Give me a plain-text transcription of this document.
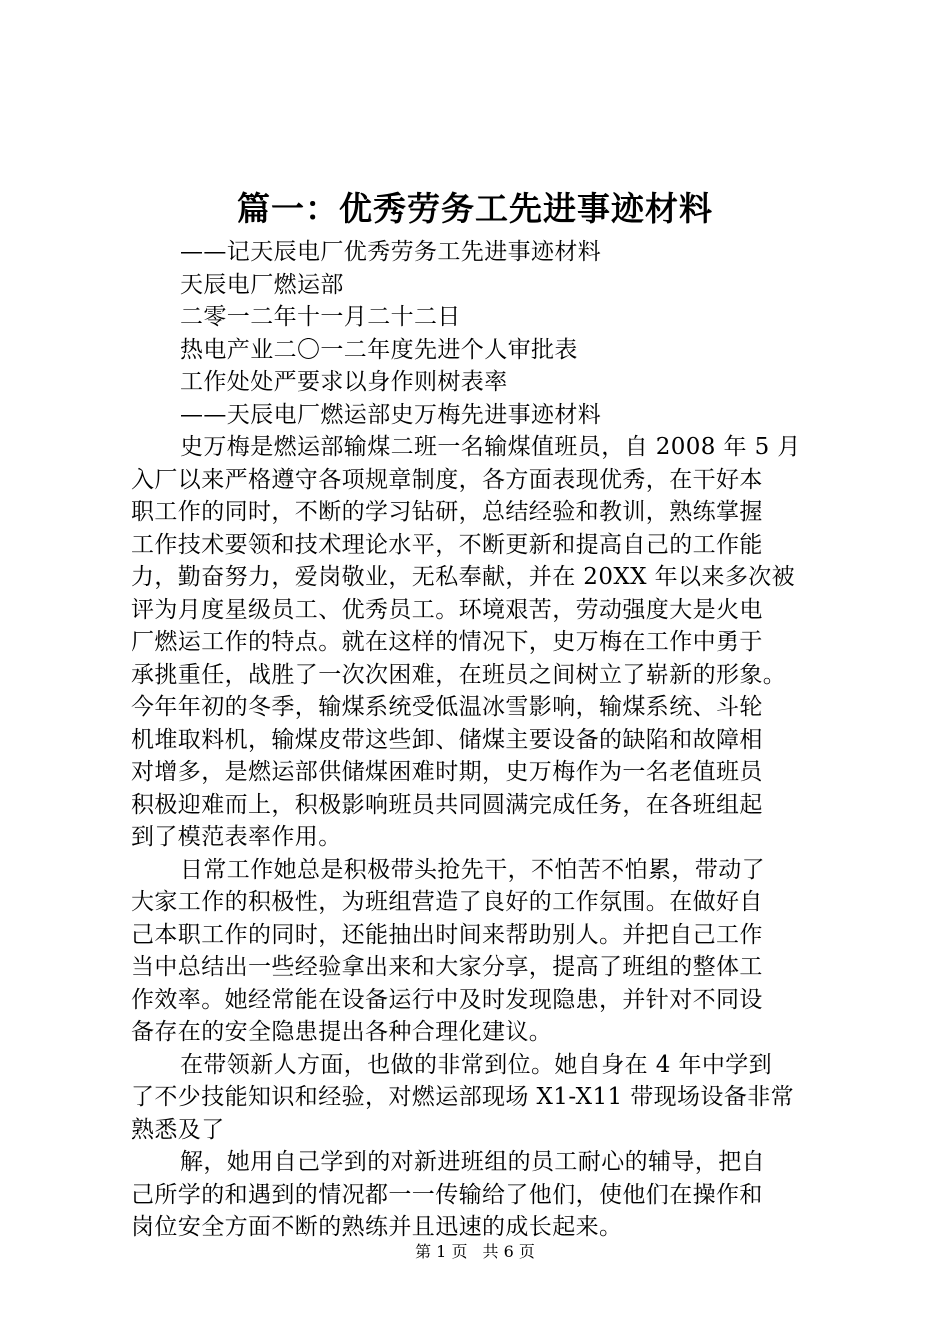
篇一：优秀劳务工先进事迹材料
——记天辰电厂优秀劳务工先进事迹材料
天辰电厂燃运部
二零一二年十一月二十二日
热电产业二〇一二年度先进个人审批表
工作处处严要求以身作则树表率
——天辰电厂燃运部史万梅先进事迹材料
史万梅是燃运部输煤二班一名输煤值班员，自 2008 年 5 月
入厂以来严格遵守各项规章制度，各方面表现优秀，在干好本
职工作的同时，不断的学习钻研，总结经验和教训，熟练掌握
工作技术要领和技术理论水平，不断更新和提高自己的工作能
力，勤奋努力，爱岗敬业，无私奉献，并在 20XX 年以来多次被
评为月度星级员工、优秀员工。环境艰苦，劳动强度大是火电
厂燃运工作的特点。就在这样的情况下，史万梅在工作中勇于
承挑重任，战胜了一次次困难，在班员之间树立了崭新的形象。
今年年初的冬季，输煤系统受低温冰雪影响，输煤系统、斗轮
机堆取料机，输煤皮带这些卸、储煤主要设备的缺陷和故障相
对增多，是燃运部供储煤困难时期，史万梅作为一名老值班员
积极迎难而上，积极影响班员共同圆满完成任务，在各班组起
到了模范表率作用。
日常工作她总是积极带头抢先干，不怕苦不怕累，带动了
大家工作的积极性，为班组营造了良好的工作氛围。在做好自
己本职工作的同时，还能抽出时间来帮助别人。并把自己工作
当中总结出一些经验拿出来和大家分享，提高了班组的整体工
作效率。她经常能在设备运行中及时发现隐患，并针对不同设
备存在的安全隐患提出各种合理化建议。
在带领新人方面，也做的非常到位。她自身在 4 年中学到
了不少技能知识和经验，对燃运部现场 X1-X11 带现场设备非常
熟悉及了
解，她用自己学到的对新进班组的员工耐心的辅导，把自
己所学的和遇到的情况都一一传输给了他们，使他们在操作和
岗位安全方面不断的熟练并且迅速的成长起来。
第 1 页 共 6 页
